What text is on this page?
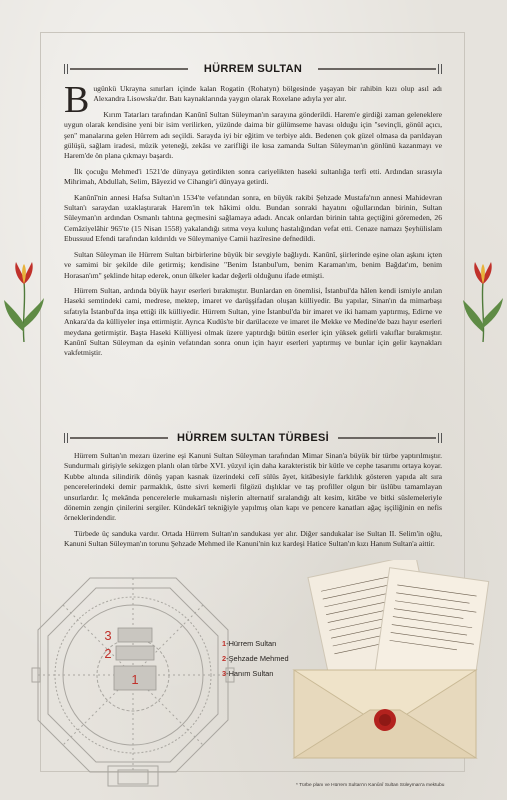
HÜRREM SULTAN

Bugünkü Ukrayna sınırları içinde kalan Rogatin (Rohatyn) bölgesinde yaşayan bir rahibin kızı olup asıl adı Alexandra Lisowska'dır. Batı kaynaklarında yaygın olarak Roxelane adıyla yer alır.

Kırım Tatarları tarafından Kanûnî Sultan Süleyman'ın sarayına gönderildi. Harem'e girdiği zaman geleneklere uygun olarak kendisine yeni bir isim verilirken, yüzünde daima bir gülümseme havası olduğu için "sevinçli, gönül açıcı, şen" manalarına gelen Hürrem adı seçildi. Sarayda iyi bir eğitim ve terbiye aldı. Bedenen çok güzel olmasa da parıldayan gülüşü, sağlam iradesi, müzik yeteneği, zekâsı ve zarifliği ile kısa zamanda Sultan Süleyman'ın gönlünü kazanmayı ve Harem'de ön plana çıkmayı başardı.

İlk çocuğu Mehmed'i 1521'de dünyaya getirdikten sonra cariyelikten haseki sultanlığa terfi etti. Ardından sırasıyla Mihrimah, Abdullah, Selim, Bâyezid ve Cihangir'i dünyaya getirdi.

Kanûnî'nin annesi Hafsa Sultan'ın 1534'te vefatından sonra, en büyük rakibi Şehzade Mustafa'nın annesi Mahidevran Sultan'ı saraydan uzaklaştırarak Harem'in tek hâkimi oldu. Bundan sonraki hayatını oğullarından birinin, Sultan Süleyman'ın ardından Osmanlı tahtına geçmesini sağlamaya adadı. Ancak onlardan birinin tahta geçtiğini göremeden, 26 Cemâziyelâhir 965'te (15 Nisan 1558) yakalandığı sıtma veya kulunç hastalığından vefat etti. Cenaze namazı Şeyhülislam Ebussuud Efendi tarafından kıldırıldı ve Süleymaniye Camii hazîresine defnedildi.

Sultan Süleyman ile Hürrem Sultan birbirlerine büyük bir sevgiyle bağlıydı. Kanûnî, şiirlerinde eşine olan aşkını içten ve samimi bir şekilde dile getirmiş; kendisine "Benim İstanbul'um, benim Karaman'ım, benim Bağdat'ım, benim Horasan'ım" şeklinde hitap ederek, onun ülkeler kadar değerli olduğunu ifade etmişti.

Hürrem Sultan, ardında büyük hayır eserleri bırakmıştır. Bunlardan en önemlisi, İstanbul'da hâlen kendi ismiyle anılan Haseki semtindeki cami, medrese, mektep, imaret ve darüşşifadan oluşan külliyedir. Bu yapılar, Sinan'ın da mimarbaşı sıfatıyla İstanbul'da inşa ettiği ilk külliyedir. Hürrem Sultan, yine İstanbul'da bir imaret ve iki hamam yaptırmış, Edirne ve Ankara'da da külliyeler inşa ettirmiştir. Ayrıca Kudüs'te bir darülaceze ve imaret ile Mekke ve Medine'de bazı hayır eserleri meydana getirmiştir. Başta Haseki Külliyesi olmak üzere yaptırdığı bütün eserler için yüksek gelirli vakıflar bırakmıştır. Kanûnî Sultan Süleyman da eşinin vefatından sonra onun için hayır eserleri yaptırmış ve bunlar için gelir kaynakları vakfetmiştir.

HÜRREM SULTAN TÜRBESİ

Hürrem Sultan'ın mezarı üzerine eşi Kanuni Sultan Süleyman tarafından Mimar Sinan'a büyük bir türbe yaptırılmıştır. Sundurmalı girişiyle sekizgen planlı olan türbe XVI. yüzyıl için daha karakteristik bir kütle ve cephe tasarımı ortaya koyar. Kubbe altında silindirik dönüş yapan kasnak üzerindeki celî sülüs âyet, kitâbesiyle farklılık gösteren yapıda alt sıra pencerelerindeki demir parmaklık, üstte sivri kemerli filgözü dışlıklar ve taş profiller olgun bir üslûbu tamamlayan unsurlardır. İç mekânda pencerelerle mukarnaslı nişlerin alternatif sıralandığı alt kesim, kitâbe ve bitki süslemeleriyle dönemin zengin çinilerini sergiler. Kündekârî tekniğiyle yapılmış olan kapı ve pencere kanatları ağaç işçiliğinin en nefis örneklerindendir.

Türbede üç sanduka vardır. Ortada Hürrem Sultan'ın sandukası yer alır. Diğer sandukalar ise Sultan II. Selim'in oğlu, Kanuni Sultan Süleyman'ın torunu Şehzade Mehmed ile Kanuni'nin kız kardeşi Hatice Sultan'ın kızı Hanım Sultan'a aittir.

3
2
1
1-Hürrem Sultan
2-Şehzade Mehmed
3-Hanım Sultan
* Türbe planı ve Hürrem Sultan'ın Kanûnî Sultan Süleyman'a mektubu
